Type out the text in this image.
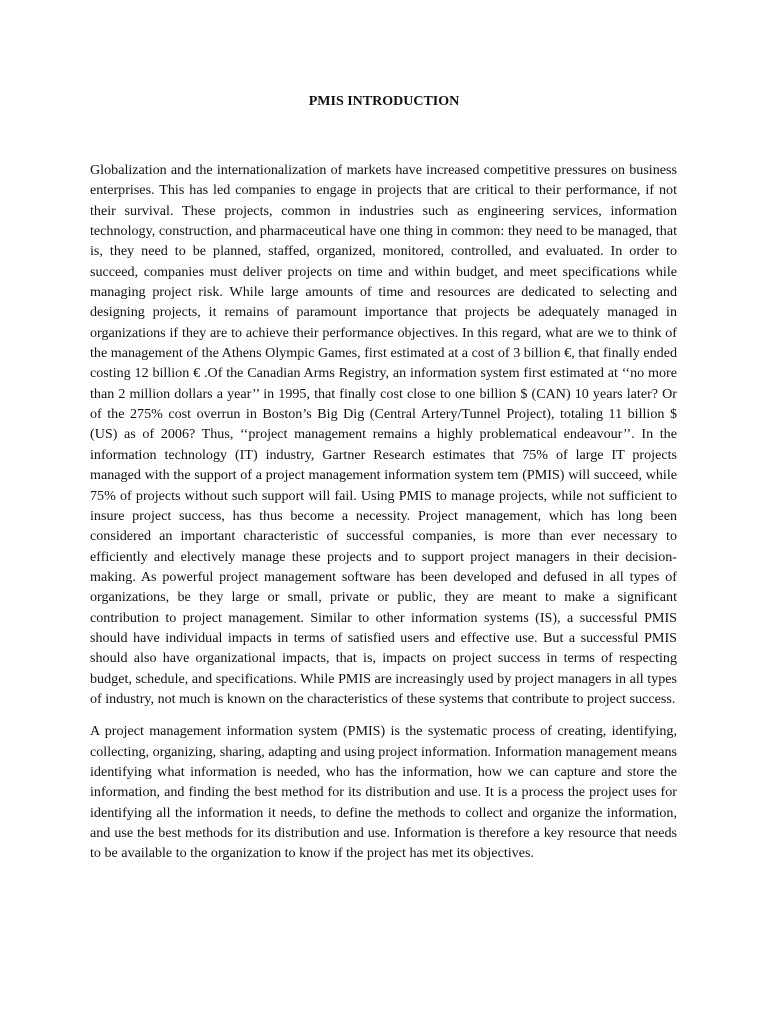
PMIS INTRODUCTION

Globalization and the internationalization of markets have increased competitive pressures on business enterprises. This has led companies to engage in projects that are critical to their performance, if not their survival. These projects, common in industries such as engineering services, information technology, construction, and pharmaceutical have one thing in common: they need to be managed, that is, they need to be planned, staffed, organized, monitored, controlled, and evaluated. In order to succeed, companies must deliver projects on time and within budget, and meet specifications while managing project risk. While large amounts of time and resources are dedicated to selecting and designing projects, it remains of paramount importance that projects be adequately managed in organizations if they are to achieve their performance objectives. In this regard, what are we to think of the management of the Athens Olympic Games, first estimated at a cost of 3 billion €, that finally ended costing 12 billion € .Of the Canadian Arms Registry, an information system first estimated at ‘‘no more than 2 million dollars a year’’ in 1995, that finally cost close to one billion $ (CAN) 10 years later? Or of the 275% cost overrun in Boston’s Big Dig (Central Artery/Tunnel Project), totaling 11 billion $ (US) as of 2006? Thus, ‘‘project management remains a highly problematical endeavour’’. In the information technology (IT) industry, Gartner Research estimates that 75% of large IT projects managed with the support of a project management information system tem (PMIS) will succeed, while 75% of projects without such support will fail. Using PMIS to manage projects, while not sufficient to insure project success, has thus become a necessity. Project management, which has long been considered an important characteristic of successful companies, is more than ever necessary to efficiently and electively manage these projects and to support project managers in their decision-making. As powerful project management software has been developed and defused in all types of organizations, be they large or small, private or public, they are meant to make a significant contribution to project management. Similar to other information systems (IS), a successful PMIS should have individual impacts in terms of satisfied users and effective use. But a successful PMIS should also have organizational impacts, that is, impacts on project success in terms of respecting budget, schedule, and specifications. While PMIS are increasingly used by project managers in all types of industry, not much is known on the characteristics of these systems that contribute to project success.

A project management information system (PMIS) is the systematic process of creating, identifying, collecting, organizing, sharing, adapting and using project information. Information management means identifying what information is needed, who has the information, how we can capture and store the information, and finding the best method for its distribution and use. It is a process the project uses for identifying all the information it needs, to define the methods to collect and organize the information, and use the best methods for its distribution and use. Information is therefore a key resource that needs to be available to the organization to know if the project has met its objectives.
